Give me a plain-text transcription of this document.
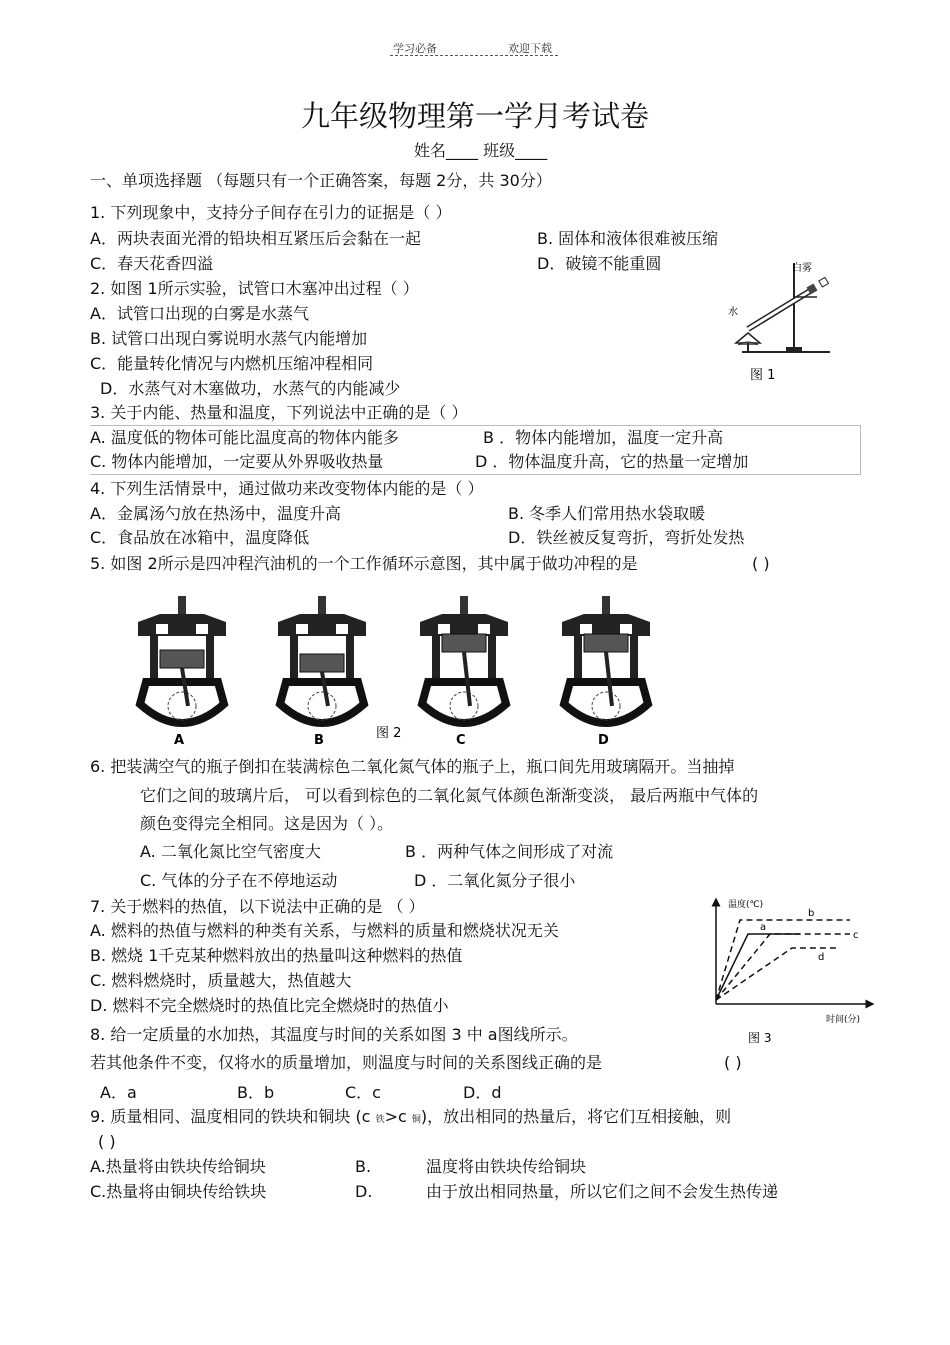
学习必备	欢迎下载
九年级物理第一学月考试卷
姓名____ 班级____
一、单项选择题 （每题只有一个正确答案，每题 2分，共 30分）
1. 下列现象中，支持分子间存在引力的证据是（ ）
A．两块表面光滑的铅块相互紧压后会黏在一起	B. 固体和液体很难被压缩
C．春天花香四溢	D．破镜不能重圆
2. 如图 1所示实验，试管口木塞冲出过程（ ）
A．试管口出现的白雾是水蒸气
B. 试管口出现白雾说明水蒸气内能增加
C．能量转化情况与内燃机压缩冲程相同
D．水蒸气对木塞做功，水蒸气的内能减少
白雾
水
图 1
3. 关于内能、热量和温度，下列说法中正确的是（ ）
A. 温度低的物体可能比温度高的物体内能多	B ．物体内能增加，温度一定升高
C. 物体内能增加，一定要从外界吸收热量	D ．物体温度升高，它的热量一定增加
4. 下列生活情景中，通过做功来改变物体内能的是（ ）
A．金属汤勺放在热汤中，温度升高	B. 冬季人们常用热水袋取暖
C．食品放在冰箱中，温度降低	D．铁丝被反复弯折，弯折处发热
5. 如图 2所示是四冲程汽油机的一个工作循环示意图，其中属于做功冲程的是	( )
图 2
A	B	C	D
6. 把装满空气的瓶子倒扣在装满棕色二氧化氮气体的瓶子上，瓶口间先用玻璃隔开。当抽掉
它们之间的玻璃片后， 可以看到棕色的二氧化氮气体颜色渐渐变淡， 最后两瓶中气体的
颜色变得完全相同。这是因为（ ）。
A. 二氧化氮比空气密度大	B ．两种气体之间形成了对流
C. 气体的分子在不停地运动	D ．二氧化氮分子很小
7. 关于燃料的热值，以下说法中正确的是 （ ）
A. 燃料的热值与燃料的种类有关系，与燃料的质量和燃烧状况无关
B. 燃烧 1千克某种燃料放出的热量叫这种燃料的热值
C. 燃料燃烧时，质量越大，热值越大
D. 燃料不完全燃烧时的热值比完全燃烧时的热值小
温度(℃)
时间(分)
a
b
c
d
图 3
8. 给一定质量的水加热，其温度与时间的关系如图 3 中 a图线所示。
若其他条件不变，仅将水的质量增加，则温度与时间的关系图线正确的是	( )
A．a	B．b	C．c	D．d
9. 质量相同、温度相同的铁块和铜块 (c 铁>c 铜)，放出相同的热量后，将它们互相接触，则
( )
A.热量将由铁块传给铜块	B.	温度将由铁块传给铜块
C.热量将由铜块传给铁块	D.	由于放出相同热量，所以它们之间不会发生热传递
